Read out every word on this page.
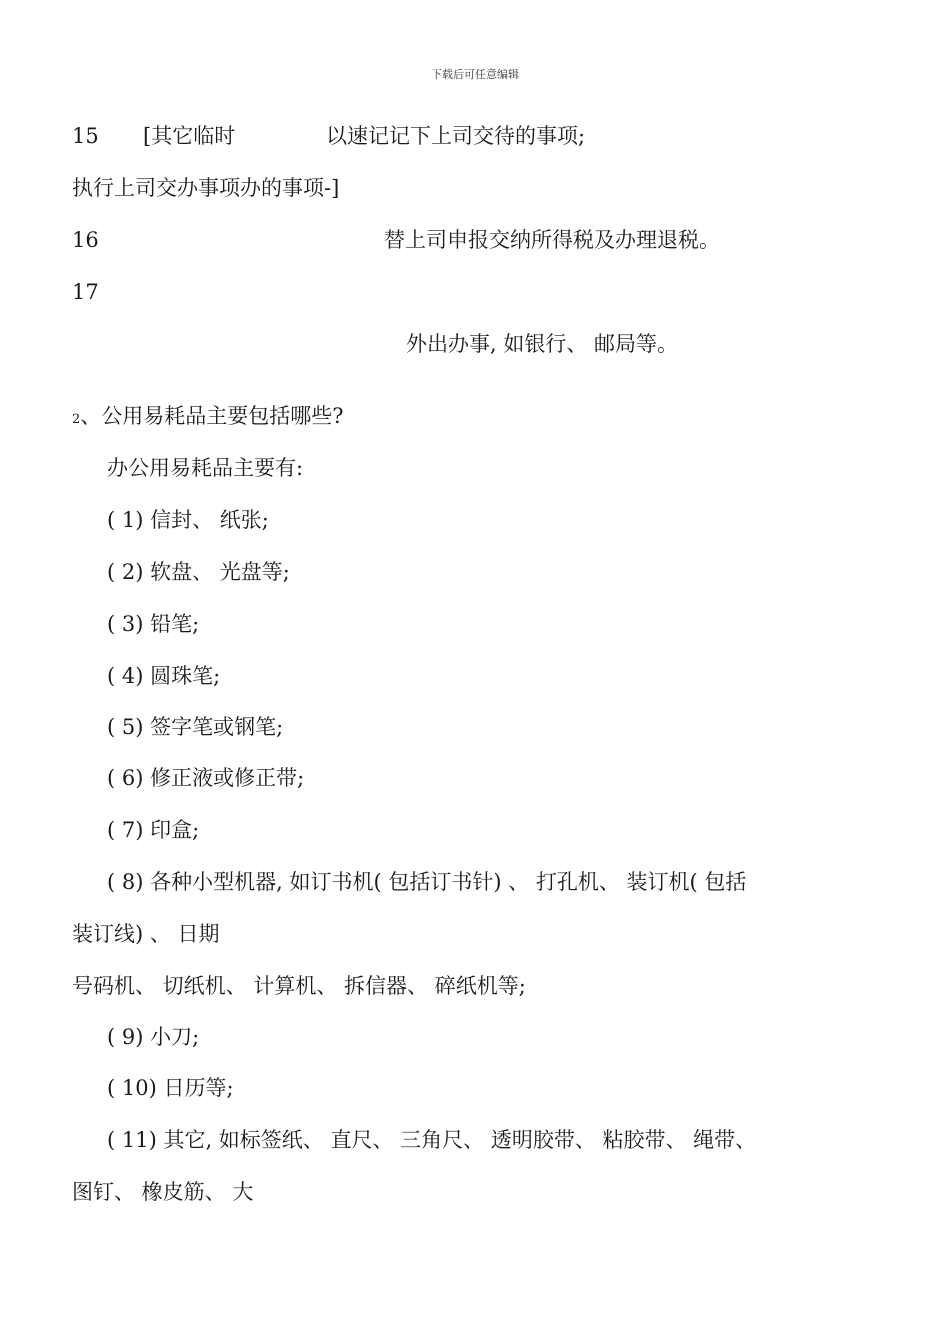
下载后可任意编辑
15 [其它临时	以速记记下上司交待的事项;
执行上司交办事项办的事项-]
16	替上司申报交纳所得税及办理退税。
17
外出办事, 如银行、 邮局等。
2、公用易耗品主要包括哪些?
办公用易耗品主要有:
( 1) 信封、 纸张;
( 2) 软盘、 光盘等;
( 3) 铅笔;
( 4) 圆珠笔;
( 5) 签字笔或钢笔;
( 6) 修正液或修正带;
( 7) 印盒;
( 8) 各种小型机器, 如订书机( 包括订书针) 、 打孔机、 装订机( 包括
装订线) 、 日期
号码机、 切纸机、 计算机、 拆信器、 碎纸机等;
( 9) 小刀;
( 10) 日历等;
( 11) 其它, 如标签纸、 直尺、 三角尺、 透明胶带、 粘胶带、 绳带、
图钉、 橡皮筋、 大
